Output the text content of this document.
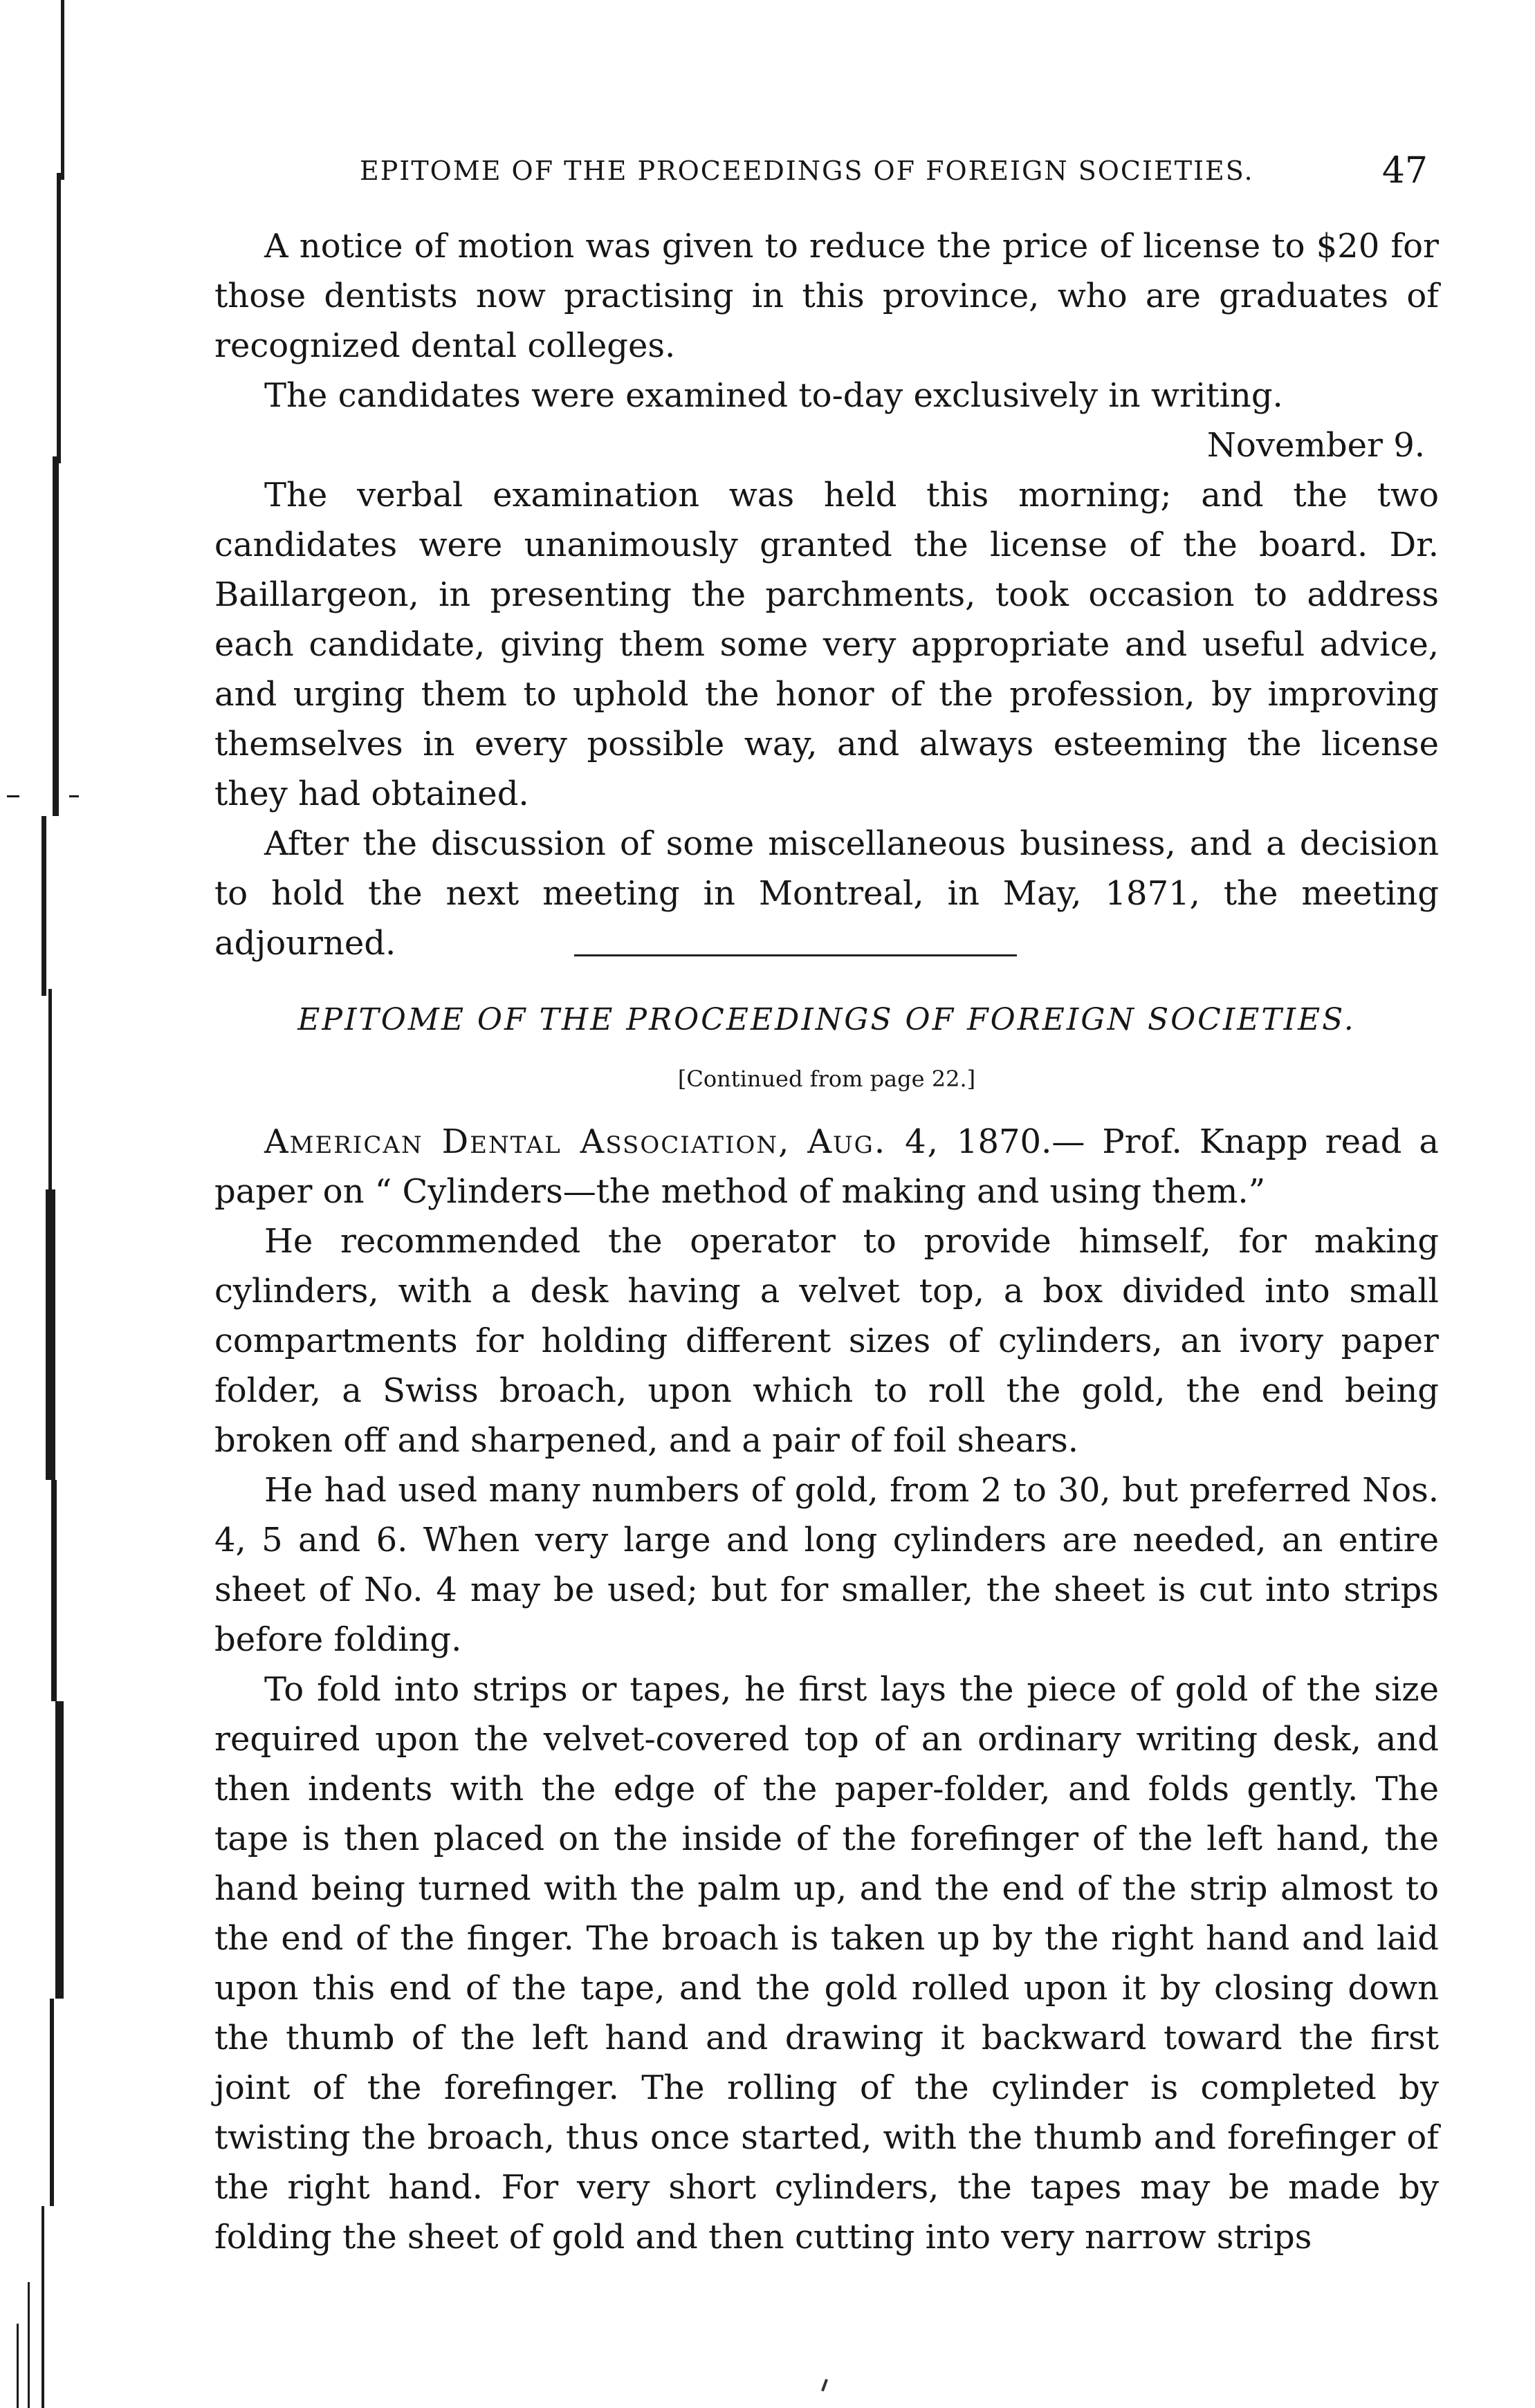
EPITOME OF THE PROCEEDINGS OF FOREIGN SOCIETIES.	47

A notice of motion was given to reduce the price of license to $20 for those dentists now practising in this province, who are graduates of recognized dental colleges.

The candidates were examined to-day exclusively in writing.

November 9.

The verbal examination was held this morning; and the two candidates were unanimously granted the license of the board. Dr. Baillargeon, in presenting the parchments, took occasion to address each candidate, giving them some very appropriate and useful advice, and urging them to uphold the honor of the profession, by improving themselves in every possible way, and always esteeming the license they had obtained.

After the discussion of some miscellaneous business, and a decision to hold the next meeting in Montreal, in May, 1871, the meeting adjourned.

EPITOME OF THE PROCEEDINGS OF FOREIGN SOCIETIES.
[Continued from page 22.]

American Dental Association, Aug. 4, 1870.— Prof. Knapp read a paper on “ Cylinders—the method of making and using them.”

He recommended the operator to provide himself, for making cylinders, with a desk having a velvet top, a box divided into small compartments for holding different sizes of cylinders, an ivory paper folder, a Swiss broach, upon which to roll the gold, the end being broken off and sharpened, and a pair of foil shears.

He had used many numbers of gold, from 2 to 30, but preferred Nos. 4, 5 and 6. When very large and long cylinders are needed, an entire sheet of No. 4 may be used; but for smaller, the sheet is cut into strips before folding.

To fold into strips or tapes, he first lays the piece of gold of the size required upon the velvet-covered top of an ordinary writing desk, and then indents with the edge of the paper-folder, and folds gently. The tape is then placed on the inside of the forefinger of the left hand, the hand being turned with the palm up, and the end of the strip almost to the end of the finger. The broach is taken up by the right hand and laid upon this end of the tape, and the gold rolled upon it by closing down the thumb of the left hand and drawing it backward toward the first joint of the forefinger. The rolling of the cylinder is completed by twisting the broach, thus once started, with the thumb and forefinger of the right hand. For very short cylinders, the tapes may be made by folding the sheet of gold and then cutting into very narrow strips
